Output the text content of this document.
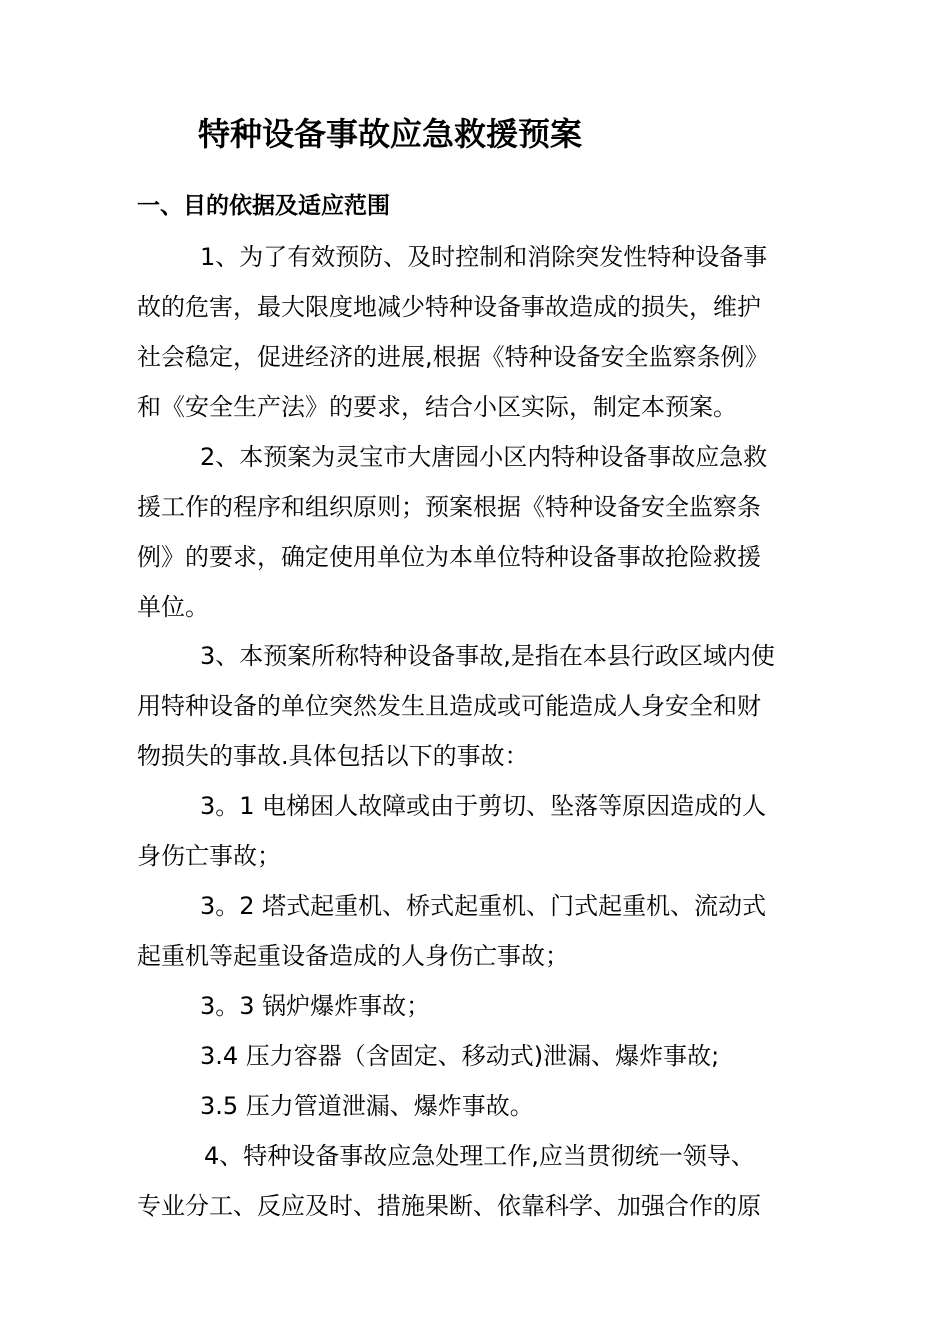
特种设备事故应急救援预案
一、目的依据及适应范围
1、为了有效预防、及时控制和消除突发性特种设备事
故的危害，最大限度地减少特种设备事故造成的损失，维护
社会稳定，促进经济的进展,根据《特种设备安全监察条例》
和《安全生产法》的要求，结合小区实际，制定本预案。
2、本预案为灵宝市大唐园小区内特种设备事故应急救
援工作的程序和组织原则；预案根据《特种设备安全监察条
例》的要求，确定使用单位为本单位特种设备事故抢险救援
单位。
3、本预案所称特种设备事故,是指在本县行政区域内使
用特种设备的单位突然发生且造成或可能造成人身安全和财
物损失的事故.具体包括以下的事故：
3。1 电梯困人故障或由于剪切、坠落等原因造成的人
身伤亡事故；
3。2 塔式起重机、桥式起重机、门式起重机、流动式
起重机等起重设备造成的人身伤亡事故；
3。3 锅炉爆炸事故；
3.4 压力容器（含固定、移动式)泄漏、爆炸事故;
3.5 压力管道泄漏、爆炸事故。
4、特种设备事故应急处理工作,应当贯彻统一领导、
专业分工、反应及时、措施果断、依靠科学、加强合作的原
